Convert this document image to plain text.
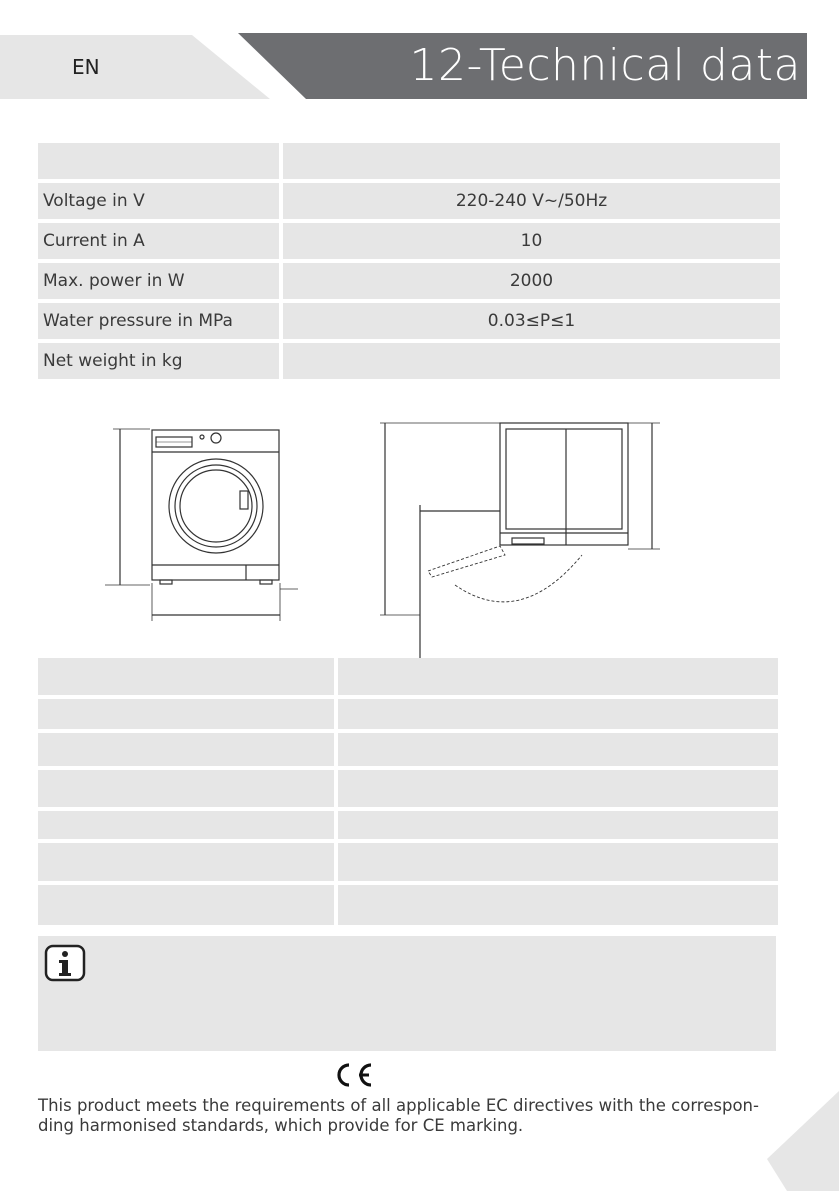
EN	12-Technical data
Voltage in V	220-240 V~/50Hz
Current in A	10
Max. power in W	2000
Water pressure in MPa	0.03≤P≤1
Net weight in kg
This product meets the requirements of all applicable EC directives with the correspon-
ding harmonised standards, which provide for CE marking.
